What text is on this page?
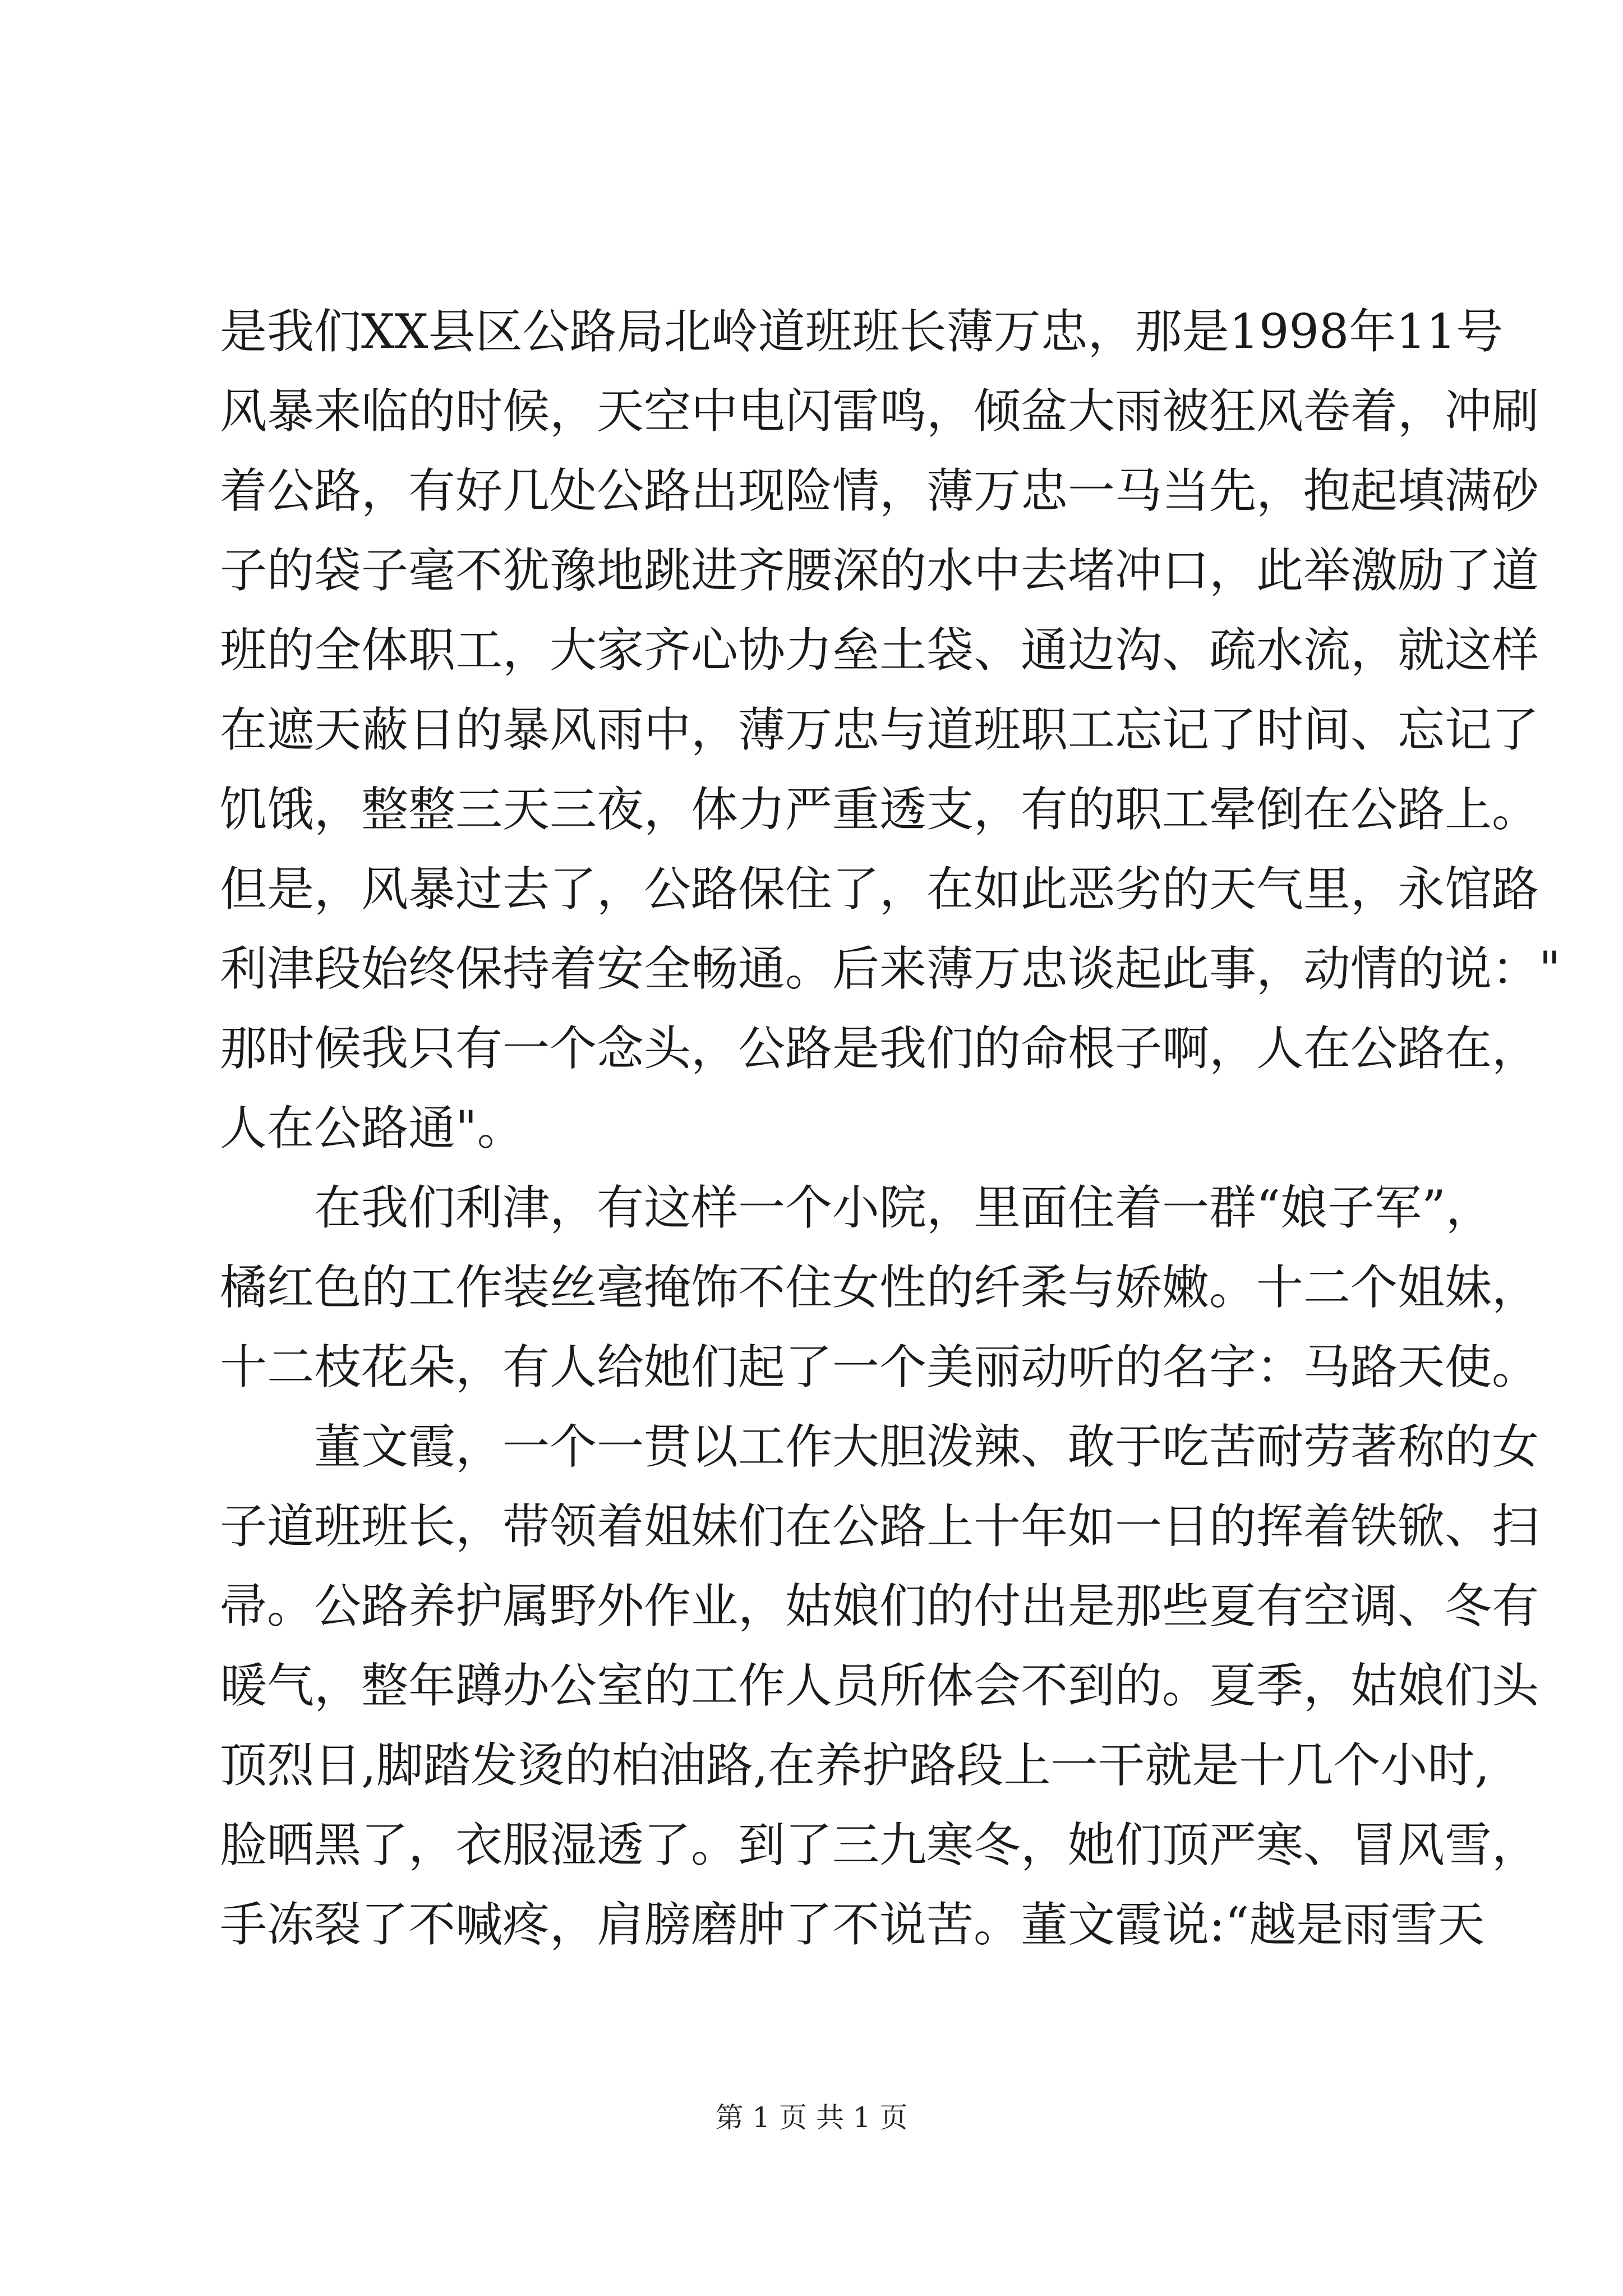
是我们XX县区公路局北岭道班班长薄万忠，那是1998年11号
风暴来临的时候，天空中电闪雷鸣，倾盆大雨被狂风卷着，冲刷
着公路，有好几处公路出现险情，薄万忠一马当先，抱起填满砂
子的袋子毫不犹豫地跳进齐腰深的水中去堵冲口，此举激励了道
班的全体职工，大家齐心协力垒土袋、通边沟、疏水流，就这样
在遮天蔽日的暴风雨中，薄万忠与道班职工忘记了时间、忘记了
饥饿，整整三天三夜，体力严重透支，有的职工晕倒在公路上。
但是，风暴过去了，公路保住了，在如此恶劣的天气里，永馆路
利津段始终保持着安全畅通。后来薄万忠谈起此事，动情的说："
那时候我只有一个念头，公路是我们的命根子啊，人在公路在，
人在公路通"。
在我们利津，有这样一个小院，里面住着一群“娘子军”，
橘红色的工作装丝毫掩饰不住女性的纤柔与娇嫩。十二个姐妹，
十二枝花朵，有人给她们起了一个美丽动听的名字：马路天使。
董文霞，一个一贯以工作大胆泼辣、敢于吃苦耐劳著称的女
子道班班长，带领着姐妹们在公路上十年如一日的挥着铁锨、扫
帚。公路养护属野外作业，姑娘们的付出是那些夏有空调、冬有
暖气，整年蹲办公室的工作人员所体会不到的。夏季，姑娘们头
顶烈日,脚踏发烫的柏油路,在养护路段上一干就是十几个小时,
脸晒黑了，衣服湿透了。到了三九寒冬，她们顶严寒、冒风雪，
手冻裂了不喊疼，肩膀磨肿了不说苦。董文霞说:“越是雨雪天
第 1 页 共 1 页
